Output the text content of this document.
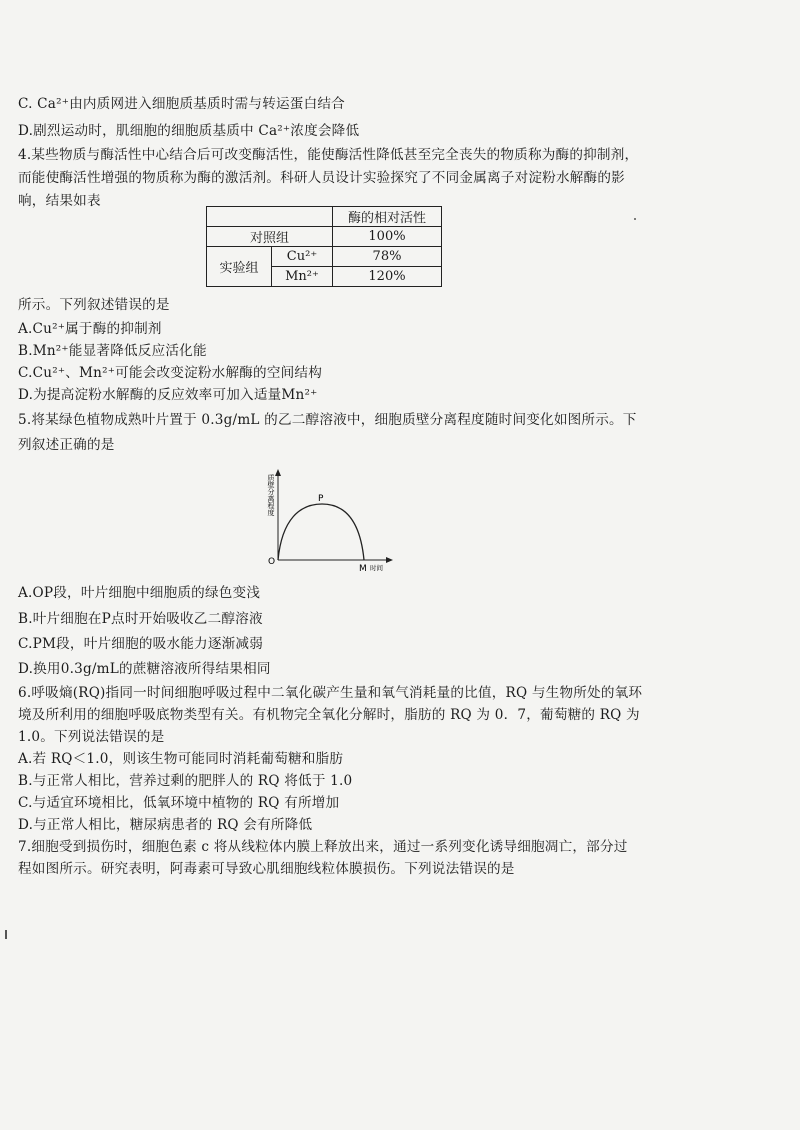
C. Ca²⁺由内质网进入细胞质基质时需与转运蛋白结合
D.剧烈运动时，肌细胞的细胞质基质中 Ca²⁺浓度会降低
4.某些物质与酶活性中心结合后可改变酶活性，能使酶活性降低甚至完全丧失的物质称为酶的抑制剂，
而能使酶活性增强的物质称为酶的激活剂。科研人员设计实验探究了不同金属离子对淀粉水解酶的影
响，结果如表
		酶的相对活性
对照组		100%
实验组	Cu²⁺	78%
	Mn²⁺	120%
所示。下列叙述错误的是
A.Cu²⁺属于酶的抑制剂
B.Mn²⁺能显著降低反应活化能
C.Cu²⁺、Mn²⁺可能会改变淀粉水解酶的空间结构
D.为提高淀粉水解酶的反应效率可加入适量Mn²⁺
5.将某绿色植物成熟叶片置于 0.3g/mL 的乙二醇溶液中，细胞质壁分离程度随时间变化如图所示。下
列叙述正确的是
质壁分离程度
O
P
M 时间
A.OP段，叶片细胞中细胞质的绿色变浅
B.叶片细胞在P点时开始吸收乙二醇溶液
C.PM段，叶片细胞的吸水能力逐渐减弱
D.换用0.3g/mL的蔗糖溶液所得结果相同
6.呼吸熵(RQ)指同一时间细胞呼吸过程中二氧化碳产生量和氧气消耗量的比值，RQ 与生物所处的氧环
境及所利用的细胞呼吸底物类型有关。有机物完全氧化分解时，脂肪的 RQ 为 0．7，葡萄糖的 RQ 为
1.0。下列说法错误的是
A.若 RQ＜1.0，则该生物可能同时消耗葡萄糖和脂肪
B.与正常人相比，营养过剩的肥胖人的 RQ 将低于 1.0
C.与适宜环境相比，低氧环境中植物的 RQ 有所增加
D.与正常人相比，糖尿病患者的 RQ 会有所降低
7.细胞受到损伤时，细胞色素 c 将从线粒体内膜上释放出来，通过一系列变化诱导细胞凋亡，部分过
程如图所示。研究表明，阿毒素可导致心肌细胞线粒体膜损伤。下列说法错误的是
